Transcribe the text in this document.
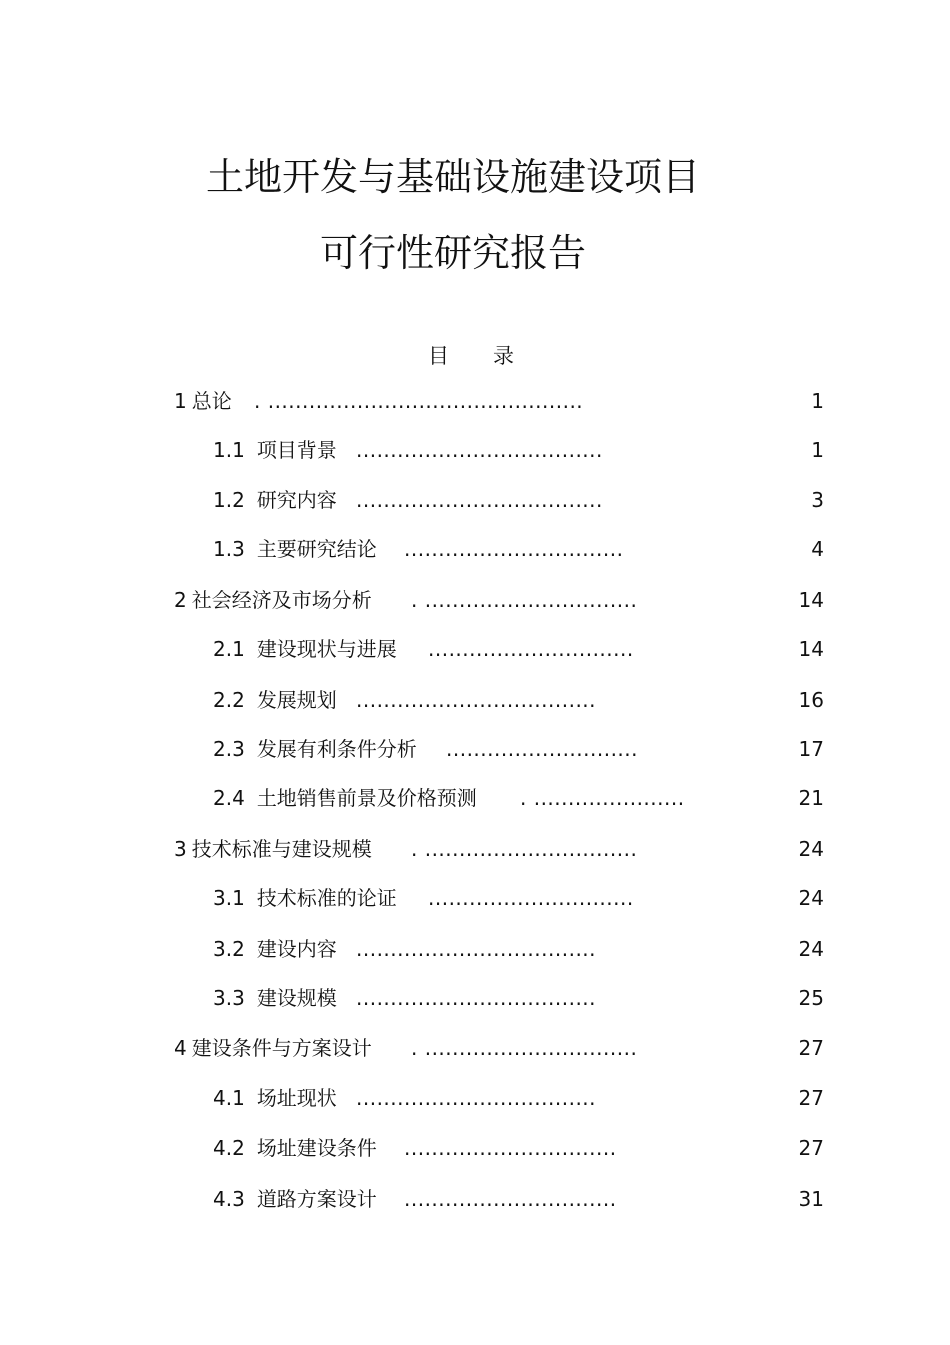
土地开发与基础设施建设项目
可行性研究报告
目 录
1 总论 . ..............................................	1
1.1 项目背景 ....................................	1
1.2 研究内容 ....................................	3
1.3 主要研究结论 ................................	4
2 社会经济及市场分析 . ...............................	14
2.1 建设现状与进展 ..............................	14
2.2 发展规划 ...................................	16
2.3 发展有利条件分析 ............................	17
2.4 土地销售前景及价格预测 . ......................	21
3 技术标准与建设规模 . ...............................	24
3.1 技术标准的论证 ..............................	24
3.2 建设内容 ...................................	24
3.3 建设规模 ...................................	25
4 建设条件与方案设计 . ...............................	27
4.1 场址现状 ...................................	27
4.2 场址建设条件 ...............................	27
4.3 道路方案设计 ...............................	31
